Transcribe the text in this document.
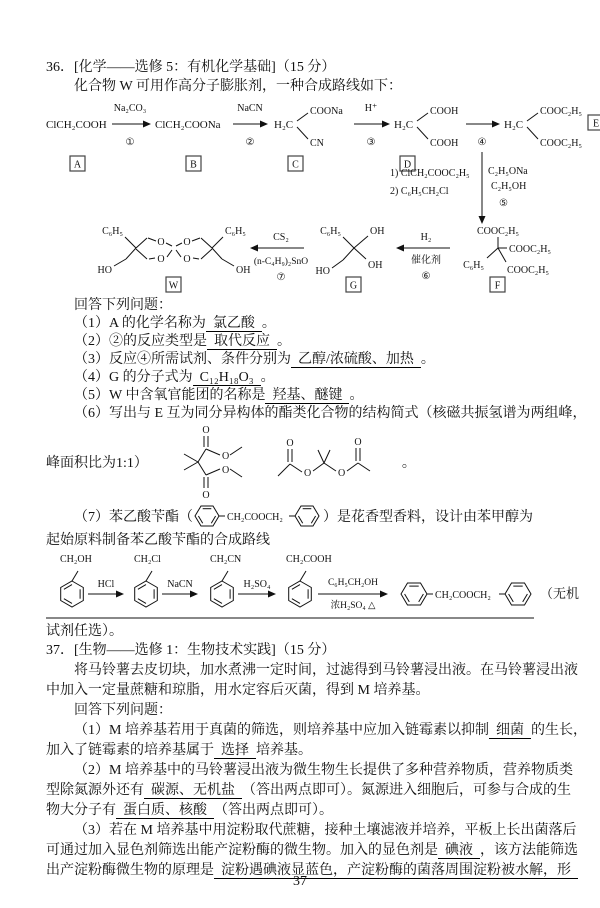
36．[化学——选修 5：有机化学基础]（15 分）
化合物 W 可用作高分子膨胀剂，一种合成路线如下：
ClCH₂COOH
Na₂CO₃
①
ClCH₂COONa
NaCN
②
H₂C
COONa
CN
H⁺
③
H₂C
COOH
COOH ④
H₂C
COOC₂H₅
COOC₂H₅
E
A	B	C	D
1) ClCH₂COOC₂H₅
2) C₆H₅CH₂Cl
C₂H₅ONa
C₂H₅OH
⑤
COOC₂H₅
COOC₂H₅
C₆H₅ COOC₂H₅
F
H₂
催化剂
⑥
C₆H₅	OH
OH
HO
G
CS₂
(n-C₄H₉)₂SnO
⑦
O O
O O
C₆H₅
HO
C₆H₅
OH
W
回答下列问题：
（1）A 的化学名称为 氯乙酸 。
（2）②的反应类型是 取代反应 。
（3）反应④所需试剂、条件分别为 乙醇/浓硫酸、加热 。
（4）G 的分子式为 C₁₂H₁₈O₃ 。
（5）W 中含氧官能团的名称是 羟基、醚键 。
（6）写出与 E 互为同分异构体的酯类化合物的结构简式（核磁共振氢谱为两组峰，
峰面积比为1:1）
O
O
O
O
O
O	O
O
。
（7）苯乙酸苄酯（	CH₂COOCH₂	）是花香型香料，设计由苯甲醇为
起始原料制备苯乙酸苄酯的合成路线
CH₂OH
HCl
CH₂Cl
NaCN
CH₂CN
H₂SO₄
CH₂COOH
C₆H₅CH₂OH
浓H₂SO₄ △
CH₂COOCH₂	（无机
试剂任选）。
37．[生物——选修 1：生物技术实践]（15 分）
将马铃薯去皮切块，加水煮沸一定时间，过滤得到马铃薯浸出液。在马铃薯浸出液
中加入一定量蔗糖和琼脂，用水定容后灭菌，得到 M 培养基。
回答下列问题：
（1）M 培养基若用于真菌的筛选，则培养基中应加入链霉素以抑制 细菌 的生长，
加入了链霉素的培养基属于 选择 培养基。
（2）M 培养基中的马铃薯浸出液为微生物生长提供了多种营养物质，营养物质类
型除氮源外还有 碳源、无机盐 （答出两点即可）。氮源进入细胞后，可参与合成的生
物大分子有 蛋白质、核酸 （答出两点即可）。
（3）若在 M 培养基中用淀粉取代蔗糖，接种土壤滤液并培养，平板上长出菌落后
可通过加入显色剂筛选出能产淀粉酶的微生物。加入的显色剂是 碘液 ，该方法能筛选
出产淀粉酶微生物的原理是 淀粉遇碘液显蓝色，产淀粉酶的菌落周围淀粉被水解，形
37
